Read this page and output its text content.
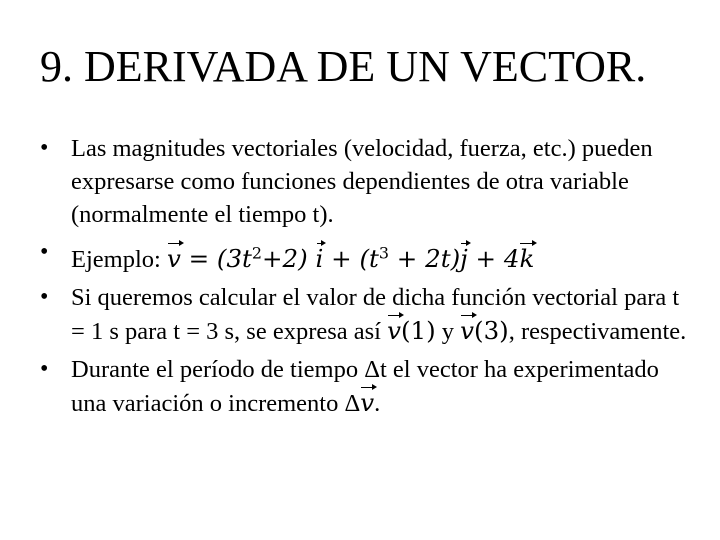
9. DERIVADA DE UN VECTOR.
• Las magnitudes vectoriales (velocidad, fuerza, etc.) pueden expresarse como funciones dependientes de otra variable (normalmente el tiempo t).
• Ejemplo: $v = (3t^2+2) i + (t^3 + 2t)j + 4k$
• Si queremos calcular el valor de dicha función vectorial para t = 1 s para t = 3 s, se expresa así v(1) y v(3), respectivamente.
• Durante el período de tiempo Δt el vector ha experimentado una variación o incremento Δv.
